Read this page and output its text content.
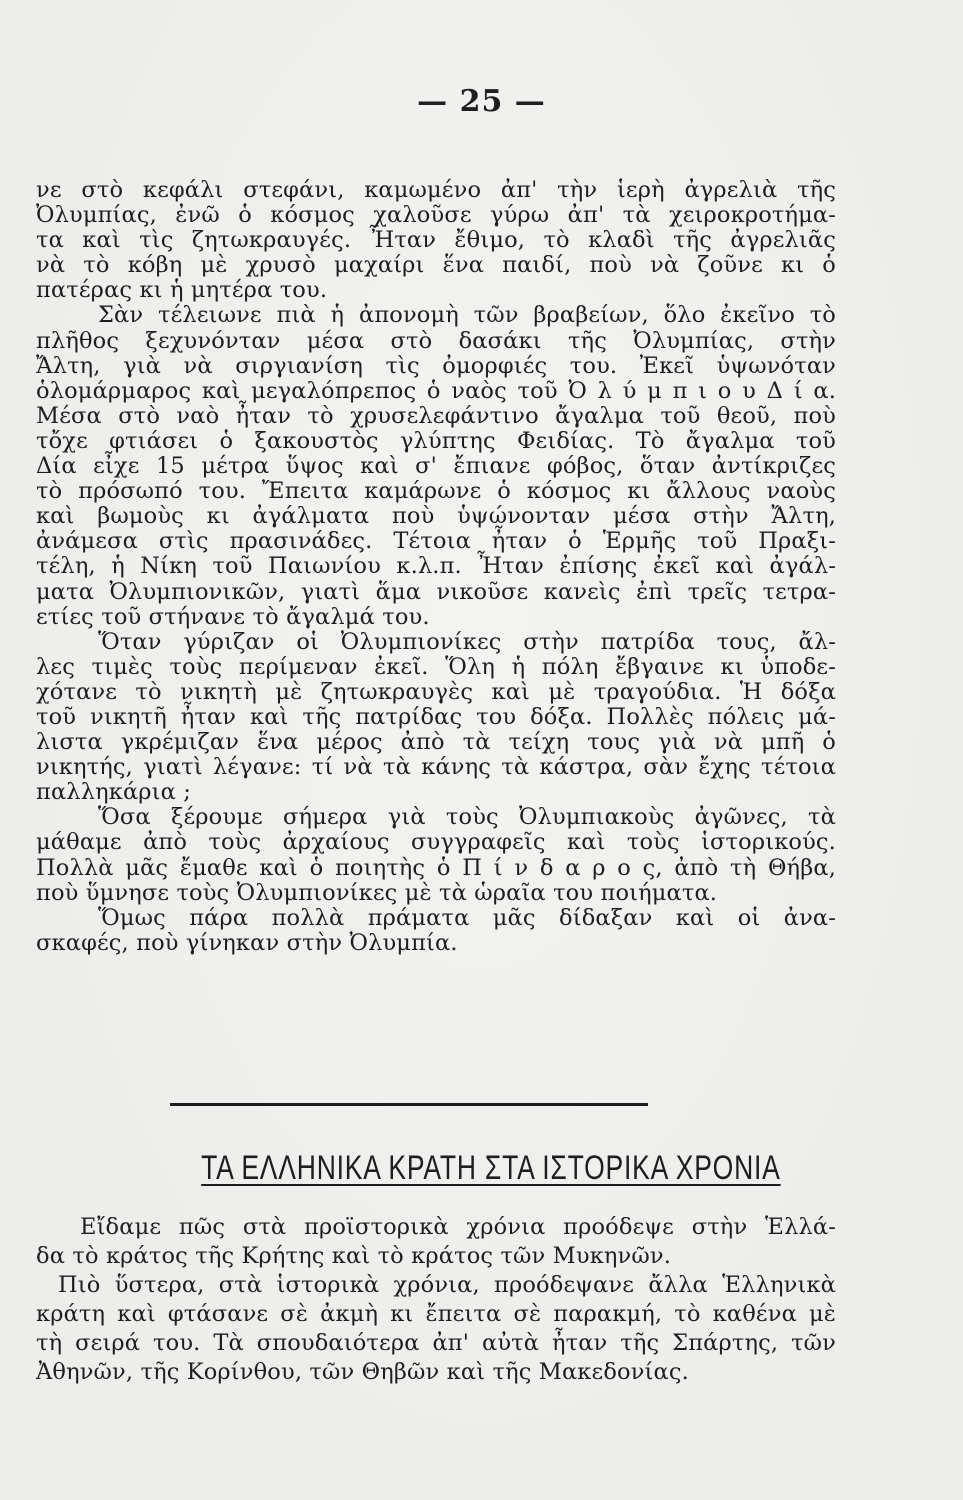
— 25 —
νε στὸ κεφάλι στεφάνι, καμωμένο ἀπ' τὴν ἱερὴ ἀγρελιὰ τῆς
Ὀλυμπίας, ἐνῶ ὁ κόσμος χαλοῦσε γύρω ἀπ' τὰ χειροκροτήμα-
τα καὶ τὶς ζητωκραυγές. Ἦταν ἔθιμο, τὸ κλαδὶ τῆς ἀγρελιᾶς
νὰ τὸ κόβη μὲ χρυσὸ μαχαίρι ἕνα παιδί, ποὺ νὰ ζοῦνε κι ὁ
πατέρας κι ἡ μητέρα του.
Σὰν τέλειωνε πιὰ ἡ ἀπονομὴ τῶν βραβείων, ὅλο ἐκεῖνο τὸ
πλῆθος ξεχυνόνταν μέσα στὸ δασάκι τῆς Ὀλυμπίας, στὴν
Ἄλτη, γιὰ νὰ σιργιανίση τὶς ὀμορφιές του. Ἐκεῖ ὑψωνόταν
ὁλομάρμαρος καὶ μεγαλόπρεπος ὁ ναὸς τοῦ Ὀ λ ύ μ π ι ο υ Δ ί α.
Μέσα στὸ ναὸ ἦταν τὸ χρυσελεφάντινο ἄγαλμα τοῦ θεοῦ, ποὺ
τὄχε φτιάσει ὁ ξακουστὸς γλύπτης Φειδίας. Τὸ ἄγαλμα τοῦ
Δία εἶχε 15 μέτρα ὕψος καὶ σ' ἔπιανε φόβος, ὅταν ἀντίκριζες
τὸ πρόσωπό του. Ἔπειτα καμάρωνε ὁ κόσμος κι ἄλλους ναοὺς
καὶ βωμοὺς κι ἀγάλματα ποὺ ὑψώνονταν μέσα στὴν Ἄλτη,
ἀνάμεσα στὶς πρασινάδες. Τέτοια ἦταν ὁ Ἑρμῆς τοῦ Πραξι-
τέλη, ἡ Νίκη τοῦ Παιωνίου κ.λ.π. Ἦταν ἐπίσης ἐκεῖ καὶ ἀγάλ-
ματα Ὀλυμπιονικῶν, γιατὶ ἅμα νικοῦσε κανεὶς ἐπὶ τρεῖς τετρα-
ετίες τοῦ στήνανε τὸ ἄγαλμά του.
Ὅταν γύριζαν οἱ Ὀλυμπιονίκες στὴν πατρίδα τους, ἄλ-
λες τιμὲς τοὺς περίμεναν ἐκεῖ. Ὅλη ἡ πόλη ἔβγαινε κι ὑποδε-
χότανε τὸ νικητὴ μὲ ζητωκραυγὲς καὶ μὲ τραγούδια. Ἡ δόξα
τοῦ νικητῆ ἦταν καὶ τῆς πατρίδας του δόξα. Πολλὲς πόλεις μά-
λιστα γκρέμιζαν ἕνα μέρος ἀπὸ τὰ τείχη τους γιὰ νὰ μπῆ ὁ
νικητής, γιατὶ λέγανε: τί νὰ τὰ κάνης τὰ κάστρα, σὰν ἔχης τέτοια
παλληκάρια ;
Ὅσα ξέρουμε σήμερα γιὰ τοὺς Ὀλυμπιακοὺς ἀγῶνες, τὰ
μάθαμε ἀπὸ τοὺς ἀρχαίους συγγραφεῖς καὶ τοὺς ἱστορικούς.
Πολλὰ μᾶς ἔμαθε καὶ ὁ ποιητὴς ὁ Π ί ν δ α ρ ο ς, ἀπὸ τὴ Θήβα,
ποὺ ὕμνησε τοὺς Ὀλυμπιονίκες μὲ τὰ ὡραῖα του ποιήματα.
Ὅμως πάρα πολλὰ πράματα μᾶς δίδαξαν καὶ οἱ ἀνα-
σκαφές, ποὺ γίνηκαν στὴν Ὀλυμπία.
ΤΑ ΕΛΛΗΝΙΚΑ ΚΡΑΤΗ ΣΤΑ ΙΣΤΟΡΙΚΑ ΧΡΟΝΙΑ
Εἴδαμε πῶς στὰ προϊστορικὰ χρόνια προόδεψε στὴν Ἑλλά-
δα τὸ κράτος τῆς Κρήτης καὶ τὸ κράτος τῶν Μυκηνῶν.
Πιὸ ὕστερα, στὰ ἱστορικὰ χρόνια, προόδεψανε ἄλλα Ἑλληνικὰ
κράτη καὶ φτάσανε σὲ ἀκμὴ κι ἔπειτα σὲ παρακμή, τὸ καθένα μὲ
τὴ σειρά του. Τὰ σπουδαιότερα ἀπ' αὐτὰ ἦταν τῆς Σπάρτης, τῶν
Ἀθηνῶν, τῆς Κορίνθου, τῶν Θηβῶν καὶ τῆς Μακεδονίας.
